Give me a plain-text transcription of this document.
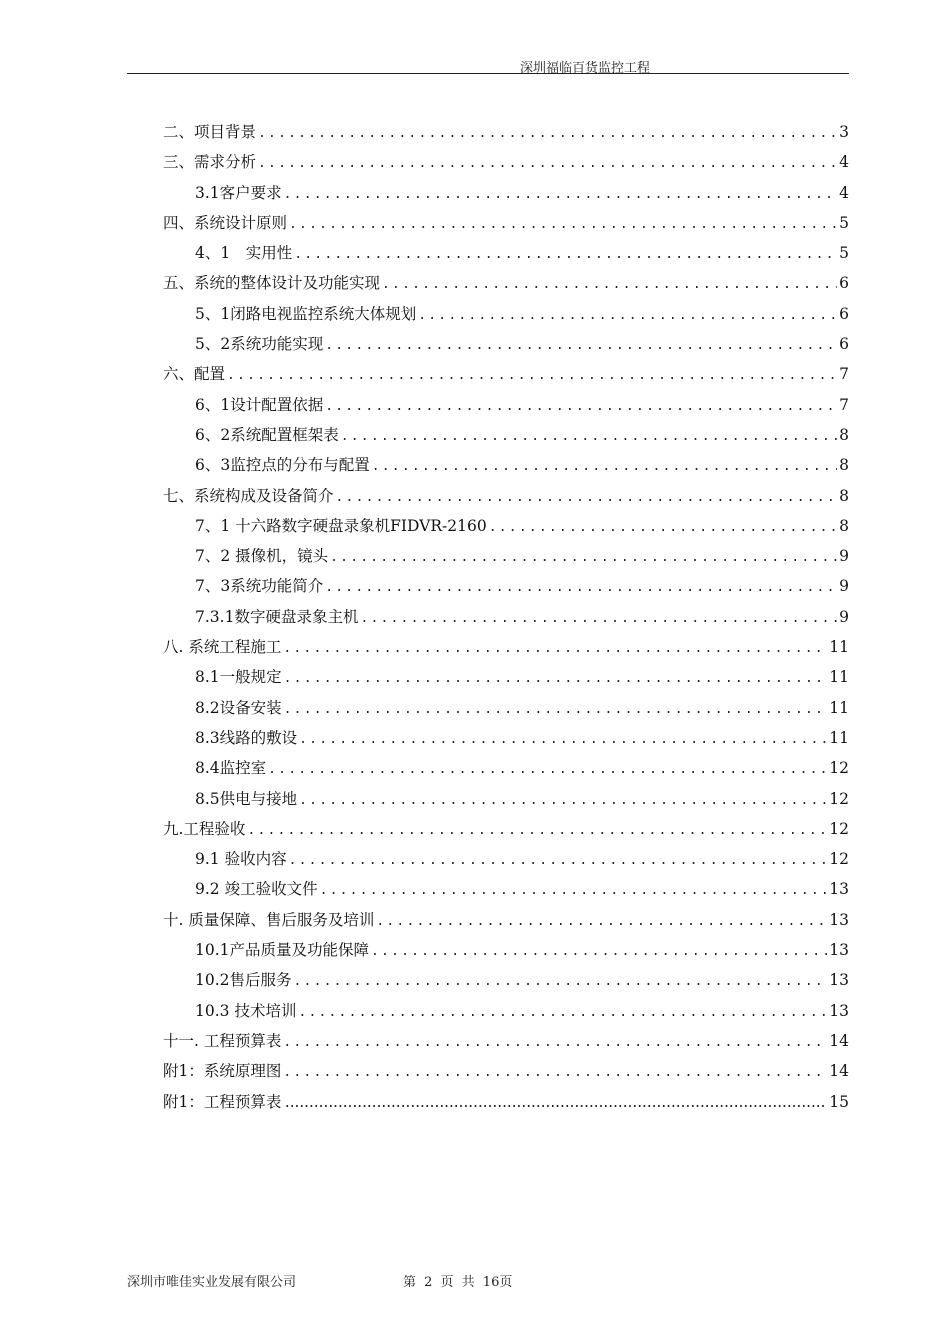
深圳福临百货监控工程
二、项目背景 .....	3
三、需求分析 .....	4
3.1客户要求 .....	4
四、系统设计原则 .....	5
4、1　实用性 .....	5
五、系统的整体设计及功能实现 .....	6
5、1闭路电视监控系统大体规划 .....	6
5、2系统功能实现 .....	6
六、配置 .....	7
6、1设计配置依据 .....	7
6、2系统配置框架表 .....	8
6、3监控点的分布与配置 .....	8
七、系统构成及设备简介 .....	8
7、1 十六路数字硬盘录象机FIDVR-2160 .....	8
7、2 摄像机，镜头 .....	9
7、3系统功能简介 .....	9
7.3.1数字硬盘录象主机 .....	9
八. 系统工程施工 .....	11
8.1一般规定 .....	11
8.2设备安装 .....	11
8.3线路的敷设 .....	11
8.4监控室 .....	12
8.5供电与接地 .....	12
九.工程验收 .....	12
9.1 验收内容 .....	12
9.2 竣工验收文件 .....	13
十. 质量保障、售后服务及培训 .....	13
10.1产品质量及功能保障 .....	13
10.2售后服务 .....	13
10.3 技术培训 .....	13
十一. 工程预算表 .....	14
附1：系统原理图 .....	14
附1：工程预算表 .....	15
深圳市唯佳实业发展有限公司	第 2 页 共 16页
